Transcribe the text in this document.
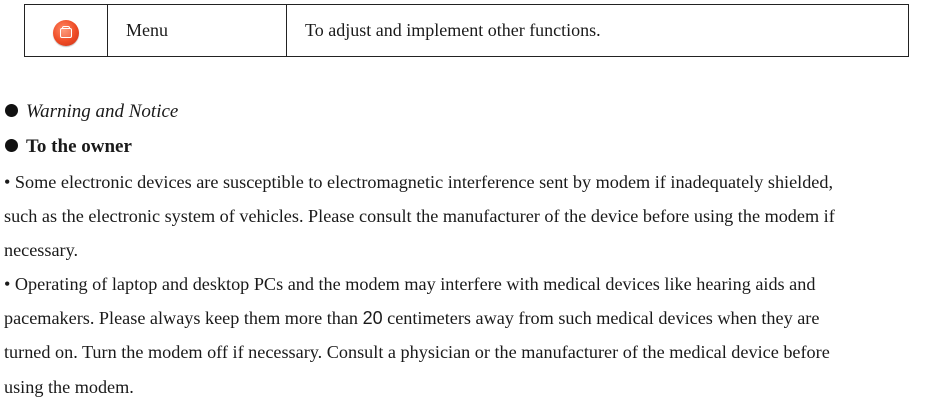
	Menu	To adjust and implement other functions.
Warning and Notice
To the owner
• Some electronic devices are susceptible to electromagnetic interference sent by modem if inadequately shielded,
such as the electronic system of vehicles. Please consult the manufacturer of the device before using the modem if
necessary.
• Operating of laptop and desktop PCs and the modem may interfere with medical devices like hearing aids and
pacemakers. Please always keep them more than 20 centimeters away from such medical devices when they are
turned on. Turn the modem off if necessary. Consult a physician or the manufacturer of the medical device before
using the modem.
